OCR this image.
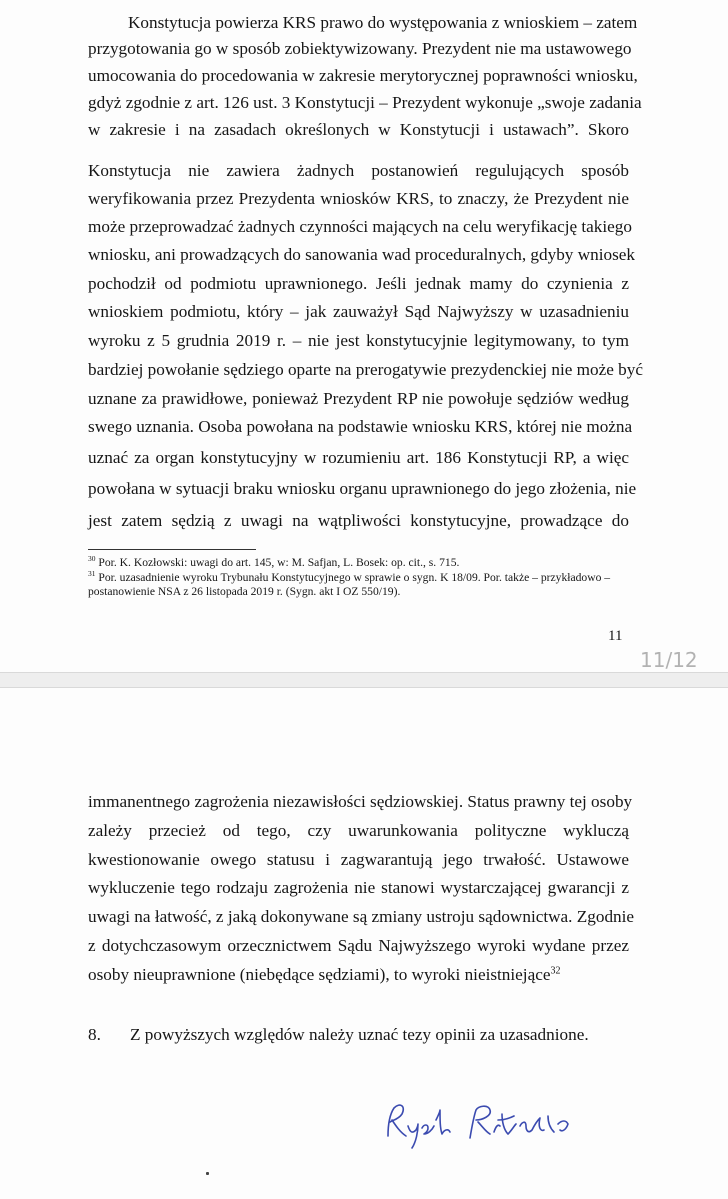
Konstytucja powierza KRS prawo do występowania z wnioskiem – zatem
przygotowania go w sposób zobiektywizowany. Prezydent nie ma ustawowego
umocowania do procedowania w zakresie merytorycznej poprawności wniosku,
gdyż zgodnie z art. 126 ust. 3 Konstytucji – Prezydent wykonuje „swoje zadania
w zakresie i na zasadach określonych w Konstytucji i ustawach”. Skoro
Konstytucja nie zawiera żadnych postanowień regulujących sposób
weryfikowania przez Prezydenta wniosków KRS, to znaczy, że Prezydent nie
może przeprowadzać żadnych czynności mających na celu weryfikację takiego
wniosku, ani prowadzących do sanowania wad proceduralnych, gdyby wniosek
pochodził od podmiotu uprawnionego. Jeśli jednak mamy do czynienia z
wnioskiem podmiotu, który – jak zauważył Sąd Najwyższy w uzasadnieniu
wyroku z 5 grudnia 2019 r. – nie jest konstytucyjnie legitymowany, to tym
bardziej powołanie sędziego oparte na prerogatywie prezydenckiej nie może być
uznane za prawidłowe, ponieważ Prezydent RP nie powołuje sędziów według
swego uznania. Osoba powołana na podstawie wniosku KRS, której nie można
uznać za organ konstytucyjny w rozumieniu art. 186 Konstytucji RP, a więc
powołana w sytuacji braku wniosku organu uprawnionego do jego złożenia, nie
jest zatem sędzią z uwagi na wątpliwości konstytucyjne, prowadzące do
$^{30}$ Por. K. Kozłowski: uwagi do art. 145, w: M. Safjan, L. Bosek: op. cit., s. 715.
$^{31}$ Por. uzasadnienie wyroku Trybunału Konstytucyjnego w sprawie o sygn. K 18/09. Por. także – przykładowo –
postanowienie NSA z 26 listopada 2019 r. (Sygn. akt I OZ 550/19).
11
11/12
immanentnego zagrożenia niezawisłości sędziowskiej. Status prawny tej osoby
zależy przecież od tego, czy uwarunkowania polityczne wykluczą
kwestionowanie owego statusu i zagwarantują jego trwałość. Ustawowe
wykluczenie tego rodzaju zagrożenia nie stanowi wystarczającej gwarancji z
uwagi na łatwość, z jaką dokonywane są zmiany ustroju sądownictwa. Zgodnie
z dotychczasowym orzecznictwem Sądu Najwyższego wyroki wydane przez
osoby nieuprawnione (niebędące sędziami), to wyroki nieistniejące$^{32}$
8. Z powyższych względów należy uznać tezy opinii za uzasadnione.
